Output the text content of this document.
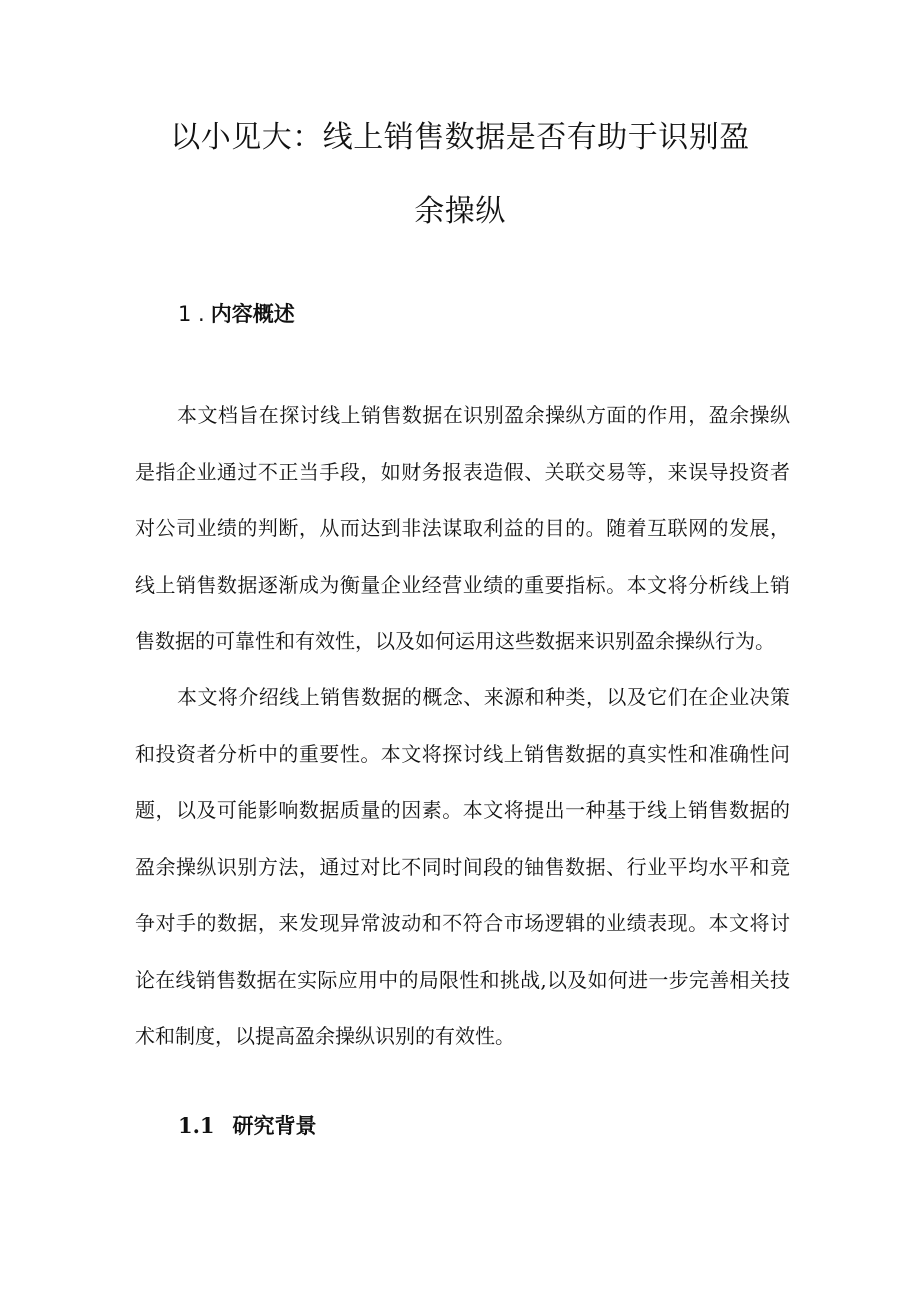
以小见大：线上销售数据是否有助于识别盈
余操纵
1 . 内容概述

本文档旨在探讨线上销售数据在识别盈余操纵方面的作用，盈余操纵是指企业通过不正当手段，如财务报表造假、关联交易等，来误导投资者对公司业绩的判断，从而达到非法谋取利益的目的。随着互联网的发展，线上销售数据逐渐成为衡量企业经营业绩的重要指标。本文将分析线上销售数据的可靠性和有效性，以及如何运用这些数据来识别盈余操纵行为。

本文将介绍线上销售数据的概念、来源和种类，以及它们在企业决策和投资者分析中的重要性。本文将探讨线上销售数据的真实性和准确性问题，以及可能影响数据质量的因素。本文将提出一种基于线上销售数据的盈余操纵识别方法，通过对比不同时间段的铀售数据、行业平均水平和竞争对手的数据，来发现异常波动和不符合市场逻辑的业绩表现。本文将讨论在线销售数据在实际应用中的局限性和挑战,以及如何进一步完善相关技术和制度，以提高盈余操纵识别的有效性。

1.1 研究背景
